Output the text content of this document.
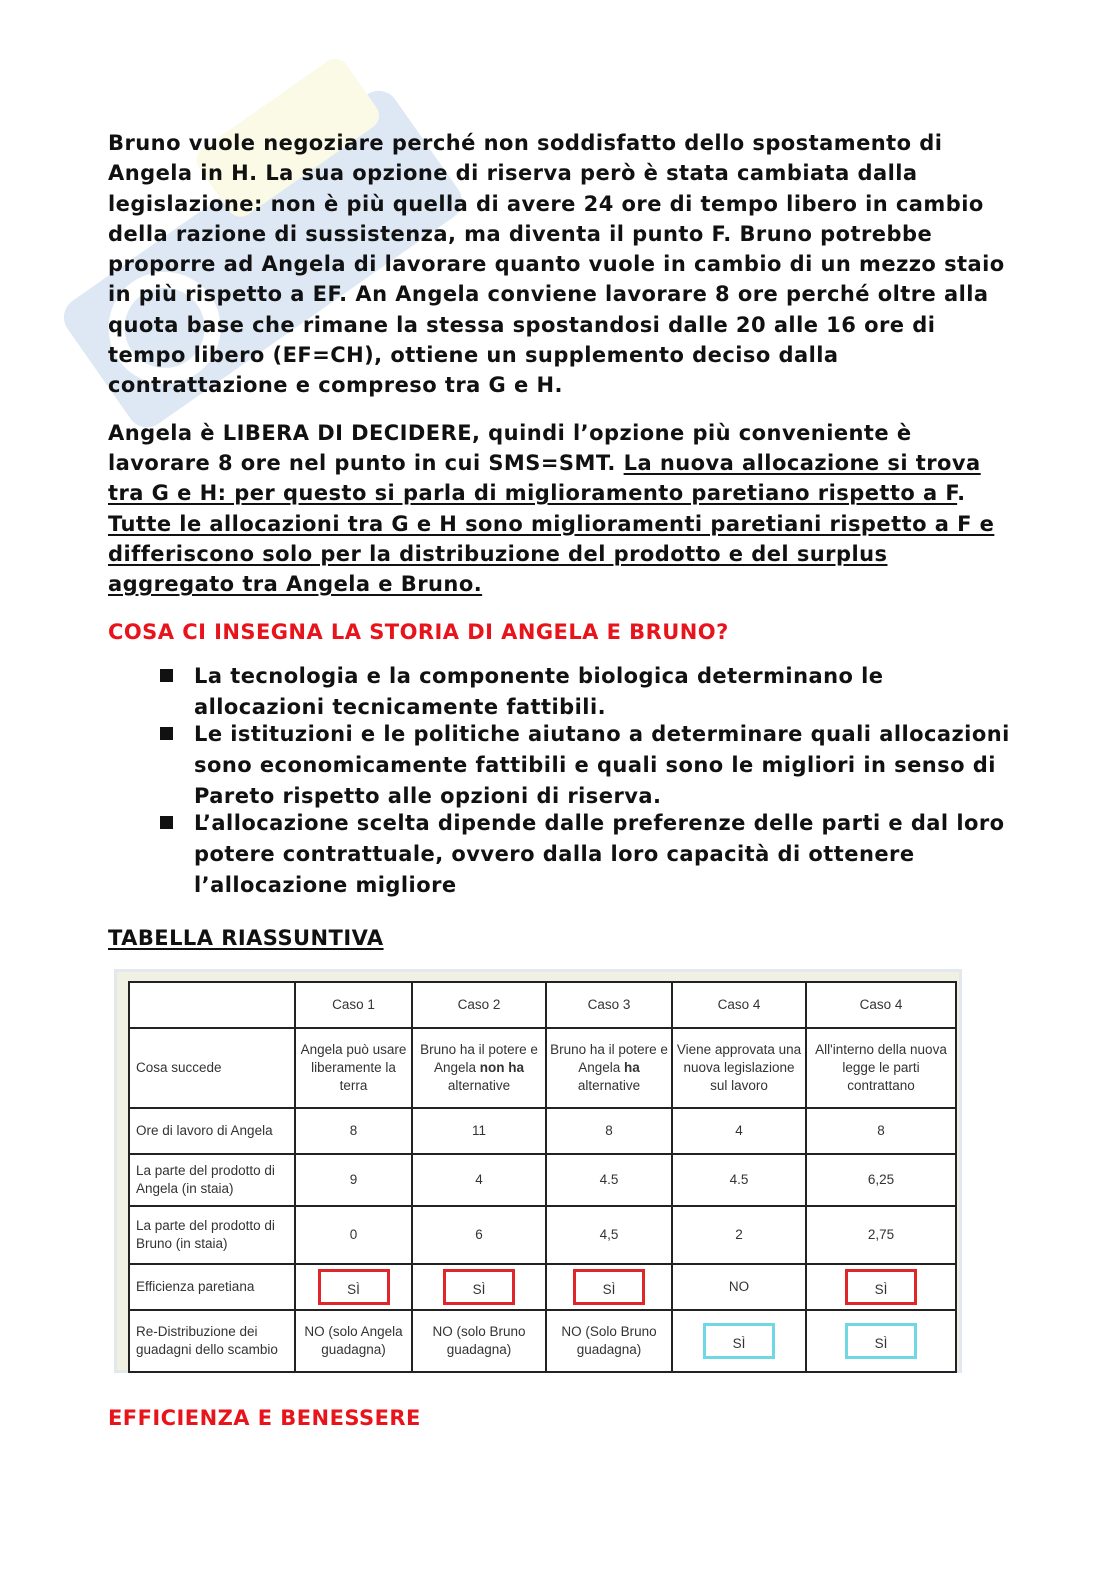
Bruno vuole negoziare perché non soddisfatto dello spostamento di Angela in H. La sua opzione di riserva però è stata cambiata dalla legislazione: non è più quella di avere 24 ore di tempo libero in cambio della razione di sussistenza, ma diventa il punto F. Bruno potrebbe proporre ad Angela di lavorare quanto vuole in cambio di un mezzo staio in più rispetto a EF. An Angela conviene lavorare 8 ore perché oltre alla quota base che rimane la stessa spostandosi dalle 20 alle 16 ore di tempo libero (EF=CH), ottiene un supplemento deciso dalla contrattazione e compreso tra G e H.

Angela è LIBERA DI DECIDERE, quindi l’opzione più conveniente è lavorare 8 ore nel punto in cui SMS=SMT. La nuova allocazione si trova tra G e H: per questo si parla di miglioramento paretiano rispetto a F. Tutte le allocazioni tra G e H sono miglioramenti paretiani rispetto a F e differiscono solo per la distribuzione del prodotto e del surplus aggregato tra Angela e Bruno.

COSA CI INSEGNA LA STORIA DI ANGELA E BRUNO?
La tecnologia e la componente biologica determinano le allocazioni tecnicamente fattibili.
Le istituzioni e le politiche aiutano a determinare quali allocazioni sono economicamente fattibili e quali sono le migliori in senso di Pareto rispetto alle opzioni di riserva.
L’allocazione scelta dipende dalle preferenze delle parti e dal loro potere contrattuale, ovvero dalla loro capacità di ottenere l’allocazione migliore
TABELLA RIASSUNTIVA
	Caso 1	Caso 2	Caso 3	Caso 4	Caso 4
Cosa succede	Angela può usare liberamente la terra	Bruno ha il potere e Angela non ha alternative	Bruno ha il potere e Angela ha alternative	Viene approvata una nuova legislazione sul lavoro	All'interno della nuova legge le parti contrattano
Ore di lavoro di Angela	8	11	8	4	8
La parte del prodotto di Angela (in staia)	9	4	4.5	4.5	6,25
La parte del prodotto di Bruno (in staia)	0	6	4,5	2	2,75
Efficienza paretiana	SÌ	SÌ	SÌ	NO	SÌ
Re-Distribuzione dei guadagni dello scambio	NO (solo Angela guadagna)	NO (solo Bruno guadagna)	NO (Solo Bruno guadagna)	SÌ	SÌ
EFFICIENZA E BENESSERE
